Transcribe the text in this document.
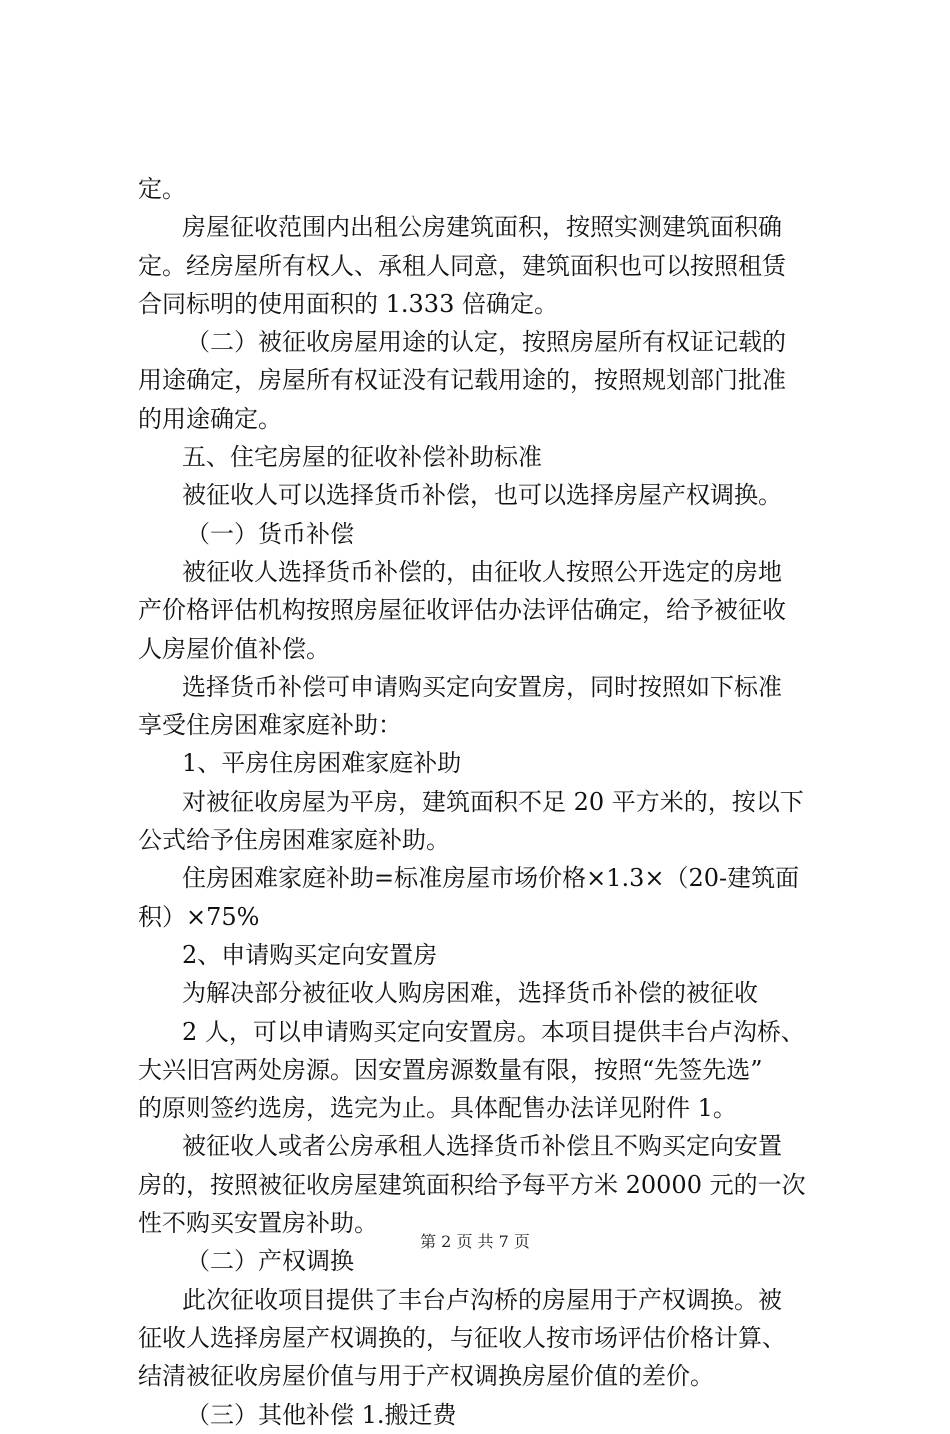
定。
房屋征收范围内出租公房建筑面积，按照实测建筑面积确
定。经房屋所有权人、承租人同意，建筑面积也可以按照租赁
合同标明的使用面积的 1.333 倍确定。
（二）被征收房屋用途的认定，按照房屋所有权证记载的
用途确定，房屋所有权证没有记载用途的，按照规划部门批准
的用途确定。
五、住宅房屋的征收补偿补助标准
被征收人可以选择货币补偿，也可以选择房屋产权调换。
（一）货币补偿
被征收人选择货币补偿的，由征收人按照公开选定的房地
产价格评估机构按照房屋征收评估办法评估确定，给予被征收
人房屋价值补偿。
选择货币补偿可申请购买定向安置房，同时按照如下标准
享受住房困难家庭补助：
1、平房住房困难家庭补助
对被征收房屋为平房，建筑面积不足 20 平方米的，按以下
公式给予住房困难家庭补助。
住房困难家庭补助=标准房屋市场价格×1.3×（20-建筑面
积）×75%
2、申请购买定向安置房
为解决部分被征收人购房困难，选择货币补偿的被征收
2 人，可以申请购买定向安置房。本项目提供丰台卢沟桥、
大兴旧宫两处房源。因安置房源数量有限，按照“先签先选”
的原则签约选房，选完为止。具体配售办法详见附件 1。
被征收人或者公房承租人选择货币补偿且不购买定向安置
房的，按照被征收房屋建筑面积给予每平方米 20000 元的一次
性不购买安置房补助。
（二）产权调换
此次征收项目提供了丰台卢沟桥的房屋用于产权调换。被
征收人选择房屋产权调换的，与征收人按市场评估价格计算、
结清被征收房屋价值与用于产权调换房屋价值的差价。
（三）其他补偿 1.搬迁费
第 2 页 共 7 页
